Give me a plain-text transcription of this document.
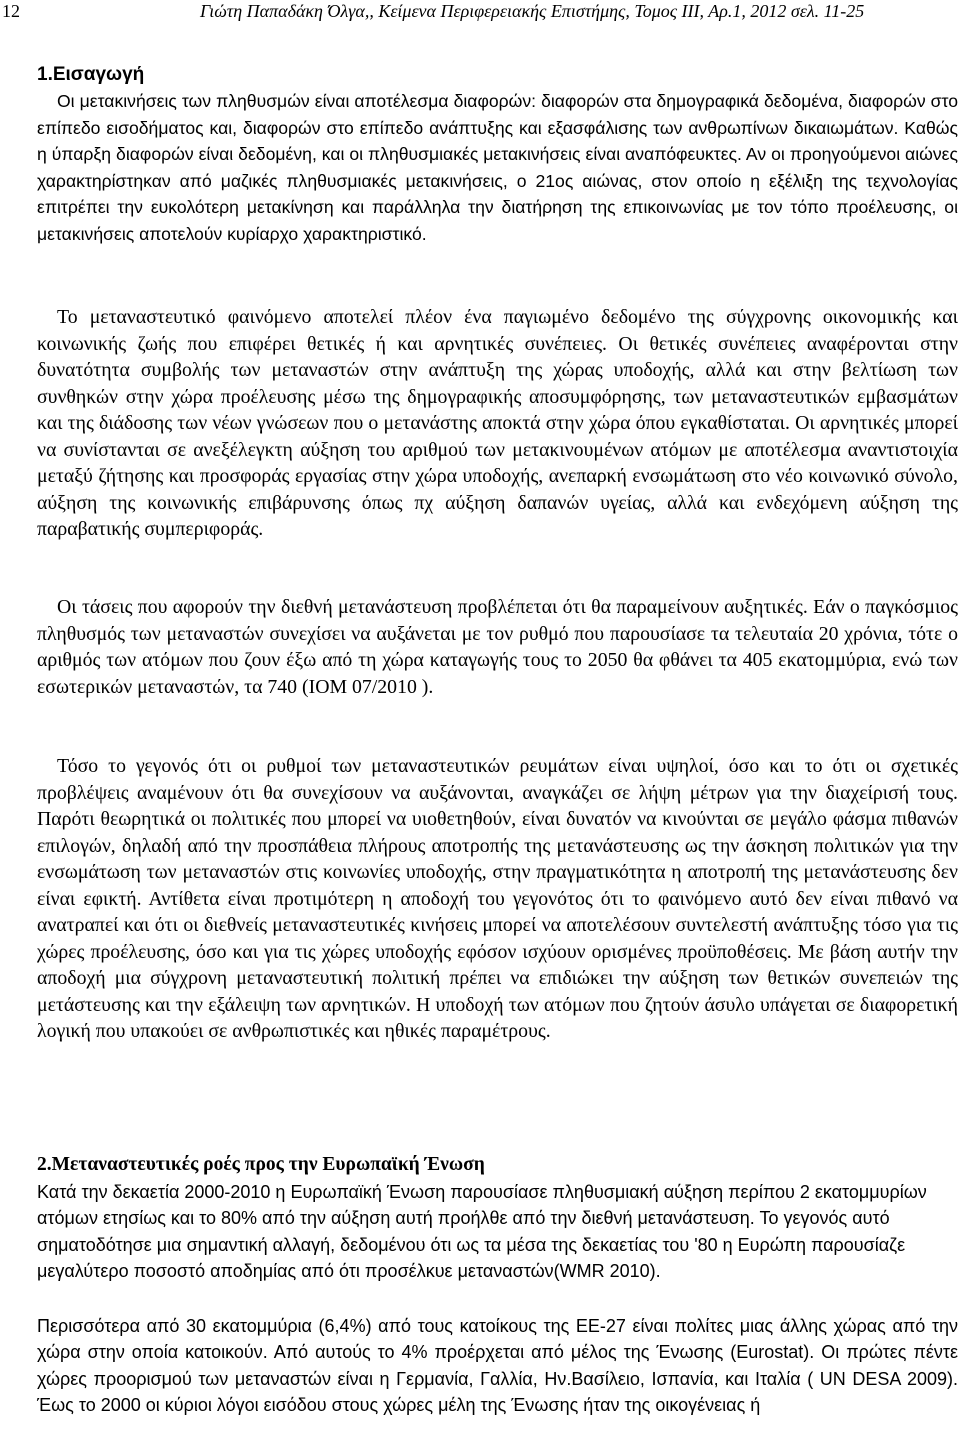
12	Γιώτη Παπαδάκη Όλγα,, Κείμενα Περιφερειακής Επιστήμης, Τομος ΙΙΙ, Αρ.1, 2012 σελ. 11-25
1.Εισαγωγή
Οι μετακινήσεις των πληθυσμών είναι αποτέλεσμα διαφορών: διαφορών στα δημογραφικά δεδομένα, διαφορών στο επίπεδο εισοδήματος και, διαφορών στο επίπεδο ανάπτυξης και εξασφάλισης των ανθρωπίνων δικαιωμάτων. Καθώς η ύπαρξη διαφορών είναι δεδομένη, και οι πληθυσμιακές μετακινήσεις είναι αναπόφευκτες. Αν οι προηγούμενοι αιώνες χαρακτηρίστηκαν από μαζικές πληθυσμιακές μετακινήσεις, ο 21ος αιώνας, στον οποίο η εξέλιξη της τεχνολογίας επιτρέπει την ευκολότερη μετακίνηση και παράλληλα την διατήρηση της επικοινωνίας με τον τόπο προέλευσης, οι μετακινήσεις αποτελούν κυρίαρχο χαρακτηριστικό.
Το μεταναστευτικό φαινόμενο αποτελεί πλέον ένα παγιωμένο δεδομένο της σύγχρονης οικονομικής και κοινωνικής ζωής που επιφέρει θετικές ή και αρνητικές συνέπειες. Οι θετικές συνέπειες αναφέρονται στην δυνατότητα συμβολής των μεταναστών στην ανάπτυξη της χώρας υποδοχής, αλλά και στην βελτίωση των συνθηκών στην χώρα προέλευσης μέσω της δημογραφικής αποσυμφόρησης, των μεταναστευτικών εμβασμάτων και της διάδοσης των νέων γνώσεων που ο μετανάστης αποκτά στην χώρα όπου εγκαθίσταται. Οι αρνητικές μπορεί να συνίστανται σε ανεξέλεγκτη αύξηση του αριθμού των μετακινουμένων ατόμων με αποτέλεσμα αναντιστοιχία μεταξύ ζήτησης και προσφοράς εργασίας στην χώρα υποδοχής, ανεπαρκή ενσωμάτωση στο νέο κοινωνικό σύνολο, αύξηση της κοινωνικής επιβάρυνσης όπως πχ αύξηση δαπανών υγείας, αλλά και ενδεχόμενη αύξηση της παραβατικής συμπεριφοράς.
Οι τάσεις που αφορούν την διεθνή μετανάστευση προβλέπεται ότι θα παραμείνουν αυξητικές. Εάν ο παγκόσμιος πληθυσμός των μεταναστών συνεχίσει να αυξάνεται με τον ρυθμό που παρουσίασε τα τελευταία 20 χρόνια, τότε ο αριθμός των ατόμων που ζουν έξω από τη χώρα καταγωγής τους το 2050 θα φθάνει τα 405 εκατομμύρια, ενώ των εσωτερικών μεταναστών, τα 740 (IOM 07/2010 ).
Τόσο το γεγονός ότι οι ρυθμοί των μεταναστευτικών ρευμάτων είναι υψηλοί, όσο και το ότι οι σχετικές προβλέψεις αναμένουν ότι θα συνεχίσουν να αυξάνονται, αναγκάζει σε λήψη μέτρων για την διαχείρισή τους. Παρότι θεωρητικά οι πολιτικές που μπορεί να υιοθετηθούν, είναι δυνατόν να κινούνται σε μεγάλο φάσμα πιθανών επιλογών, δηλαδή από την προσπάθεια πλήρους αποτροπής της μετανάστευσης ως την άσκηση πολιτικών για την ενσωμάτωση των μεταναστών στις κοινωνίες υποδοχής, στην πραγματικότητα η αποτροπή της μετανάστευσης δεν είναι εφικτή. Αντίθετα είναι προτιμότερη η αποδοχή του γεγονότος ότι το φαινόμενο αυτό δεν είναι πιθανό να ανατραπεί και ότι οι διεθνείς μεταναστευτικές κινήσεις μπορεί να αποτελέσουν συντελεστή ανάπτυξης τόσο για τις χώρες προέλευσης, όσο και για τις χώρες υποδοχής εφόσον ισχύουν ορισμένες προϋποθέσεις. Με βάση αυτήν την αποδοχή μια σύγχρονη μεταναστευτική πολιτική πρέπει να επιδιώκει την αύξηση των θετικών συνεπειών της μετάστευσης και την εξάλειψη των αρνητικών. Η υποδοχή των ατόμων που ζητούν άσυλο υπάγεται σε διαφορετική λογική που υπακούει σε ανθρωπιστικές και ηθικές παραμέτρους.
2.Μεταναστευτικές ροές προς την Ευρωπαϊκή Ένωση
Κατά την δεκαετία 2000-2010 η Ευρωπαϊκή Ένωση παρουσίασε πληθυσμιακή αύξηση περίπου 2 εκατομμυρίων ατόμων ετησίως και το 80% από την αύξηση αυτή προήλθε από την διεθνή μετανάστευση. Το γεγονός αυτό σηματοδότησε μια σημαντική αλλαγή, δεδομένου ότι ως τα μέσα της δεκαετίας του '80 η Ευρώπη παρουσίαζε μεγαλύτερο ποσοστό αποδημίας από ότι προσέλκυε μεταναστών(WMR 2010).
Περισσότερα από 30 εκατομμύρια (6,4%) από τους κατοίκους της ΕΕ-27 είναι πολίτες μιας άλλης χώρας από την χώρα στην οποία κατοικούν. Από αυτούς το 4% προέρχεται από μέλος της Ένωσης (Eurostat). Οι πρώτες πέντε χώρες προορισμού των μεταναστών είναι η Γερμανία, Γαλλία, Ην.Βασίλειο, Ισπανία, και Ιταλία ( UN DESA 2009). Έως το 2000 οι κύριοι λόγοι εισόδου στους χώρες μέλη της Ένωσης ήταν της οικογένειας ή
